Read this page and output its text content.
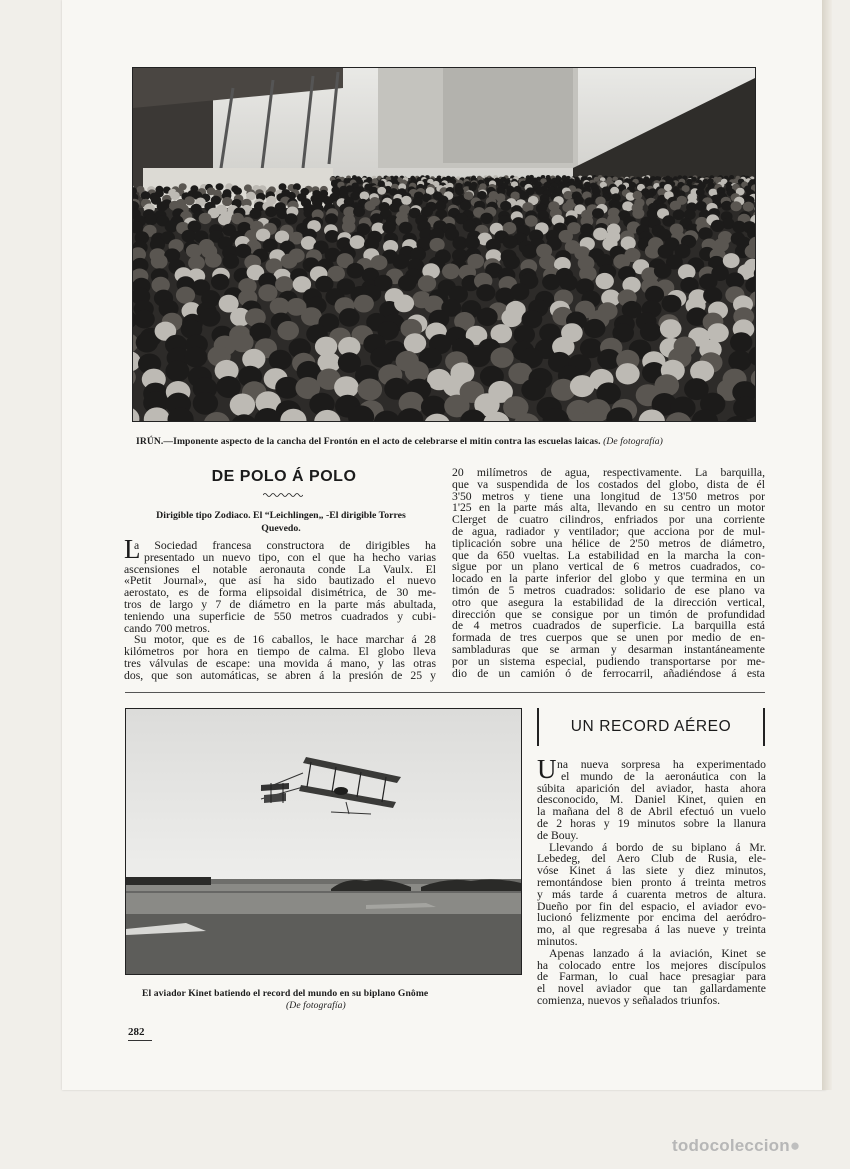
IRÚN.—Imponente aspecto de la cancha del Frontón en el acto de celebrarse el mitin contra las escuelas laicas. (De fotografía)
DE POLO Á POLO
Dirigible tipo Zodiaco. El “Leichlingen„ -El dirigible Torres
Quevedo.
L
a Sociedad francesa constructora de dirigibles ha
presentado un nuevo tipo, con el que ha hecho varias
ascensiones el notable aeronauta conde La Vaulx. El
«Petit Journal», que así ha sido bautizado el nuevo
aerostato, es de forma elipsoidal disimétrica, de 30 me-
tros de largo y 7 de diámetro en la parte más abultada,
teniendo una superficie de 550 metros cuadrados y cubi-
cando 700 metros.
Su motor, que es de 16 caballos, le hace marchar á 28
kilómetros por hora en tiempo de calma. El globo lleva
tres válvulas de escape: una movida á mano, y las otras
dos, que son automáticas, se abren á la presión de 25 y
20 milímetros de agua, respectivamente. La barquilla,
que va suspendida de los costados del globo, dista de él
3'50 metros y tiene una longitud de 13'50 metros por
1'25 en la parte más alta, llevando en su centro un motor
Clerget de cuatro cilindros, enfriados por una corriente
de agua, radiador y ventilador; que acciona por de mul-
tiplicación sobre una hélice de 2'50 metros de diámetro,
que da 650 vueltas. La estabilidad en la marcha la con-
sigue por un plano vertical de 6 metros cuadrados, co-
locado en la parte inferior del globo y que termina en un
timón de 5 metros cuadrados: solidario de ese plano va
otro que asegura la estabilidad de la dirección vertical,
dirección que se consigue por un timón de profundidad
de 4 metros cuadrados de superficie. La barquilla está
formada de tres cuerpos que se unen por medio de en-
sambladuras que se arman y desarman instantáneamente
por un sistema especial, pudiendo transportarse por me-
dio de un camión ó de ferrocarril, añadiéndose á esta
El aviador Kinet batiendo el record del mundo en su biplano Gnôme
(De fotografía)
UN RECORD AÉREO
U na nueva sorpresa ha experimentado
el mundo de la aeronáutica con la
súbita aparición del aviador, hasta ahora
desconocido, M. Daniel Kinet, quien en
la mañana del 8 de Abril efectuó un vuelo
de 2 horas y 19 minutos sobre la llanura
de Bouy.
Llevando á bordo de su biplano á Mr.
Lebedeg, del Aero Club de Rusia, ele-
vóse Kinet á las siete y diez minutos,
remontándose bien pronto á treinta metros
y más tarde á cuarenta metros de altura.
Dueño por fin del espacio, el aviador evo-
lucionó felizmente por encima del aeródro-
mo, al que regresaba á las nueve y treinta
minutos.
Apenas lanzado á la aviación, Kinet se
ha colocado entre los mejores discípulos
de Farman, lo cual hace presagiar para
el novel aviador que tan gallardamente
comienza, nuevos y señalados triunfos.
282
todocoleccion●
